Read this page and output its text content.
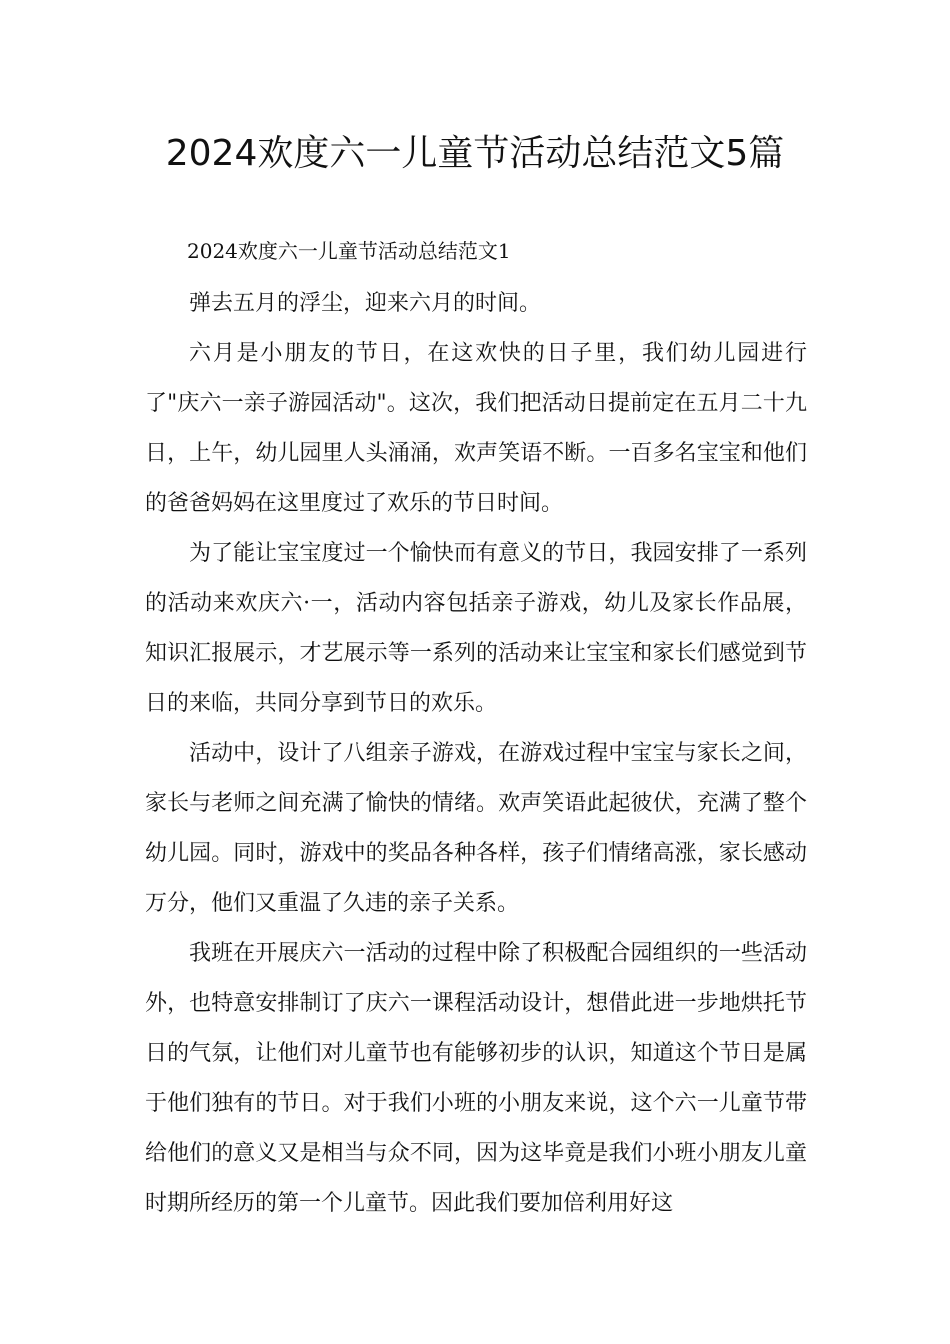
2024欢度六一儿童节活动总结范文5篇

2024欢度六一儿童节活动总结范文1

弹去五月的浮尘，迎来六月的时间。

六月是小朋友的节日，在这欢快的日子里，我们幼儿园进行了"庆六一亲子游园活动"。这次，我们把活动日提前定在五月二十九日，上午，幼儿园里人头涌涌，欢声笑语不断。一百多名宝宝和他们的爸爸妈妈在这里度过了欢乐的节日时间。

为了能让宝宝度过一个愉快而有意义的节日，我园安排了一系列的活动来欢庆六·一，活动内容包括亲子游戏，幼儿及家长作品展，知识汇报展示，才艺展示等一系列的活动来让宝宝和家长们感觉到节日的来临，共同分享到节日的欢乐。

活动中，设计了八组亲子游戏，在游戏过程中宝宝与家长之间，家长与老师之间充满了愉快的情绪。欢声笑语此起彼伏，充满了整个幼儿园。同时，游戏中的奖品各种各样，孩子们情绪高涨，家长感动万分，他们又重温了久违的亲子关系。

我班在开展庆六一活动的过程中除了积极配合园组织的一些活动外，也特意安排制订了庆六一课程活动设计，想借此进一步地烘托节日的气氛，让他们对儿童节也有能够初步的认识，知道这个节日是属于他们独有的节日。对于我们小班的小朋友来说，这个六一儿童节带给他们的意义又是相当与众不同，因为这毕竟是我们小班小朋友儿童时期所经历的第一个儿童节。因此我们要加倍利用好这
